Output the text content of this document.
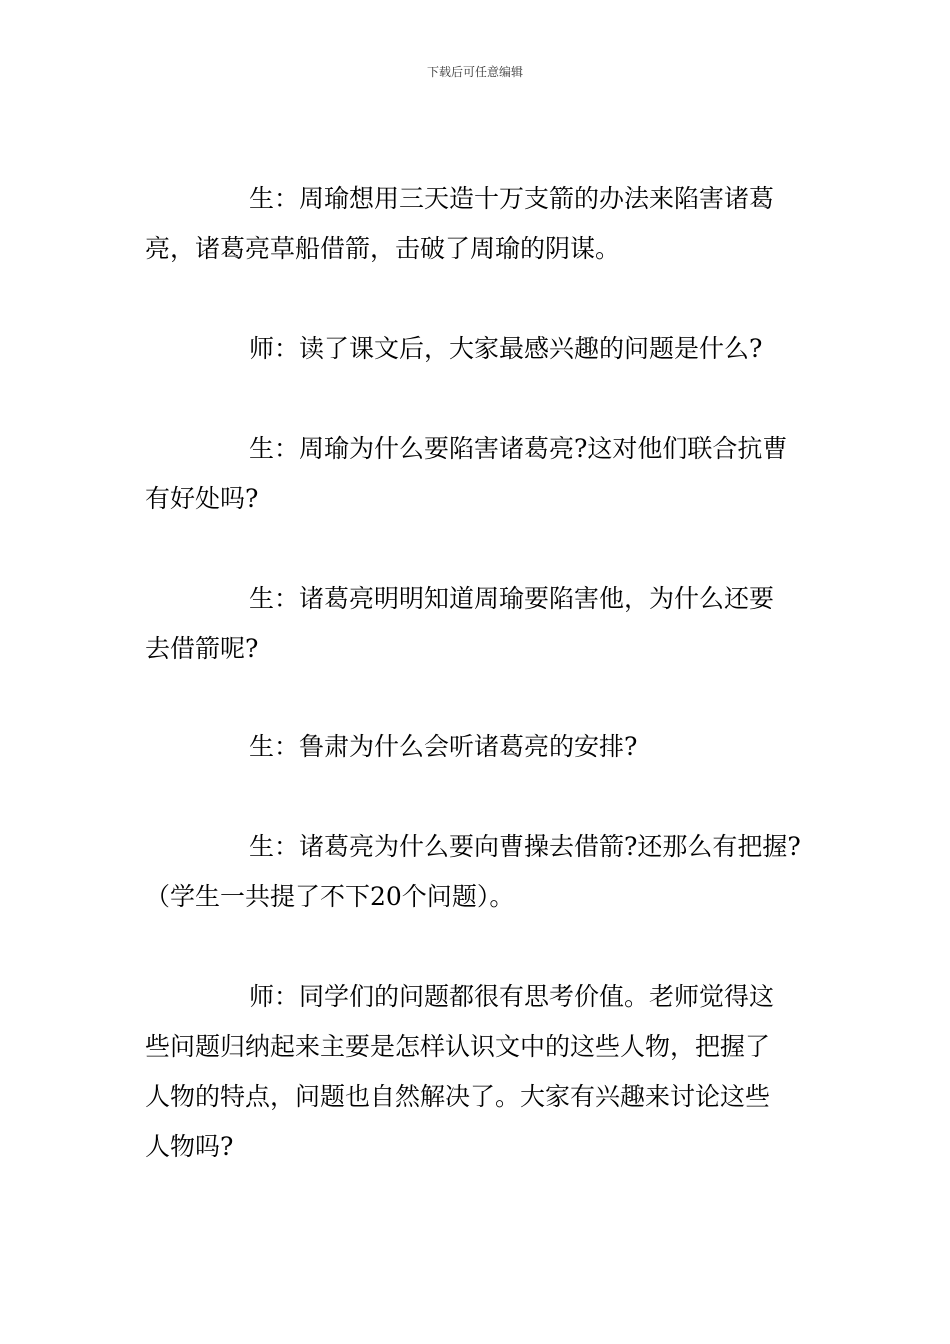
下载后可任意编辑
生：周瑜想用三天造十万支箭的办法来陷害诸葛
亮，诸葛亮草船借箭，击破了周瑜的阴谋。
师：读了课文后，大家最感兴趣的问题是什么?
生：周瑜为什么要陷害诸葛亮?这对他们联合抗曹
有好处吗?
生：诸葛亮明明知道周瑜要陷害他，为什么还要
去借箭呢?
生：鲁肃为什么会听诸葛亮的安排?
生：诸葛亮为什么要向曹操去借箭?还那么有把握?
（学生一共提了不下20个问题）。
师：同学们的问题都很有思考价值。老师觉得这
些问题归纳起来主要是怎样认识文中的这些人物，把握了
人物的特点，问题也自然解决了。大家有兴趣来讨论这些
人物吗?
